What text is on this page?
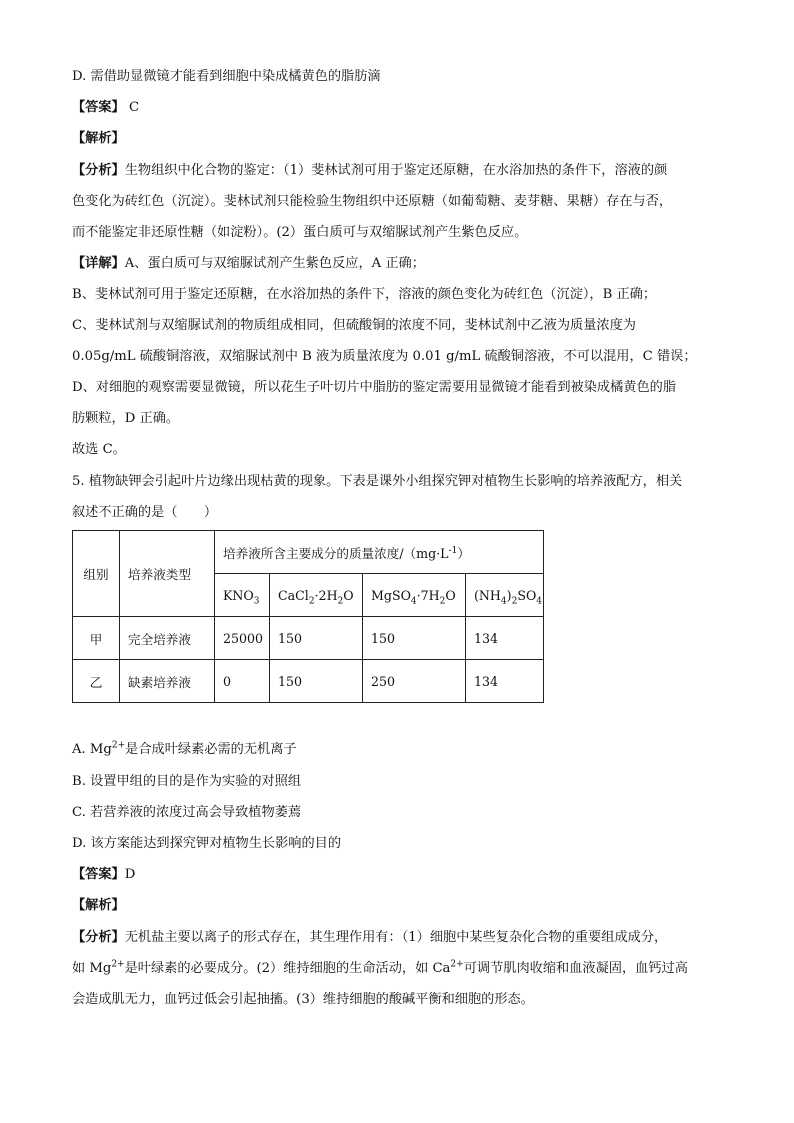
D. 需借助显微镜才能看到细胞中染成橘黄色的脂肪滴
【答案】 C
【解析】
【分析】生物组织中化合物的鉴定：（1）斐林试剂可用于鉴定还原糖，在水浴加热的条件下，溶液的颜
色变化为砖红色（沉淀）。斐林试剂只能检验生物组织中还原糖（如葡萄糖、麦芽糖、果糖）存在与否，
而不能鉴定非还原性糖（如淀粉）。(2）蛋白质可与双缩脲试剂产生紫色反应。
【详解】A、蛋白质可与双缩脲试剂产生紫色反应，A 正确；
B、斐林试剂可用于鉴定还原糖，在水浴加热的条件下，溶液的颜色变化为砖红色（沉淀），B 正确；
C、斐林试剂与双缩脲试剂的物质组成相同，但硫酸铜的浓度不同，斐林试剂中乙液为质量浓度为
0.05g/mL 硫酸铜溶液，双缩脲试剂中 B 液为质量浓度为 0.01 g/mL 硫酸铜溶液，不可以混用，C 错误；
D、对细胞的观察需要显微镜，所以花生子叶切片中脂肪的鉴定需要用显微镜才能看到被染成橘黄色的脂
肪颗粒，D 正确。
故选 C。
5. 植物缺钾会引起叶片边缘出现枯黄的现象。下表是课外小组探究钾对植物生长影响的培养液配方，相关
叙述不正确的是（　　）
组别	培养液类型	培养液所含主要成分的质量浓度$/(mg\cdot L^{-1})$			
		$KNO_3$	$CaCl_2\cdot 2H_2O$	$MgSO_4\cdot 7H_2O$	$(NH_4)_2SO_4$
甲	完全培养液	25000	150	150	134
乙	缺素培养液	0	150	250	134
A. $Mg^{2+}$是合成叶绿素必需的无机离子
B. 设置甲组的目的是作为实验的对照组
C. 若营养液的浓度过高会导致植物萎蔫
D. 该方案能达到探究钾对植物生长影响的目的
【答案】D
【解析】
【分析】无机盐主要以离子的形式存在，其生理作用有：（1）细胞中某些复杂化合物的重要组成成分，
如 $Mg^{2+}$是叶绿素的必要成分。(2）维持细胞的生命活动，如 $Ca^{2+}$可调节肌肉收缩和血液凝固，血钙过高
会造成肌无力，血钙过低会引起抽搐。(3）维持细胞的酸碱平衡和细胞的形态。
